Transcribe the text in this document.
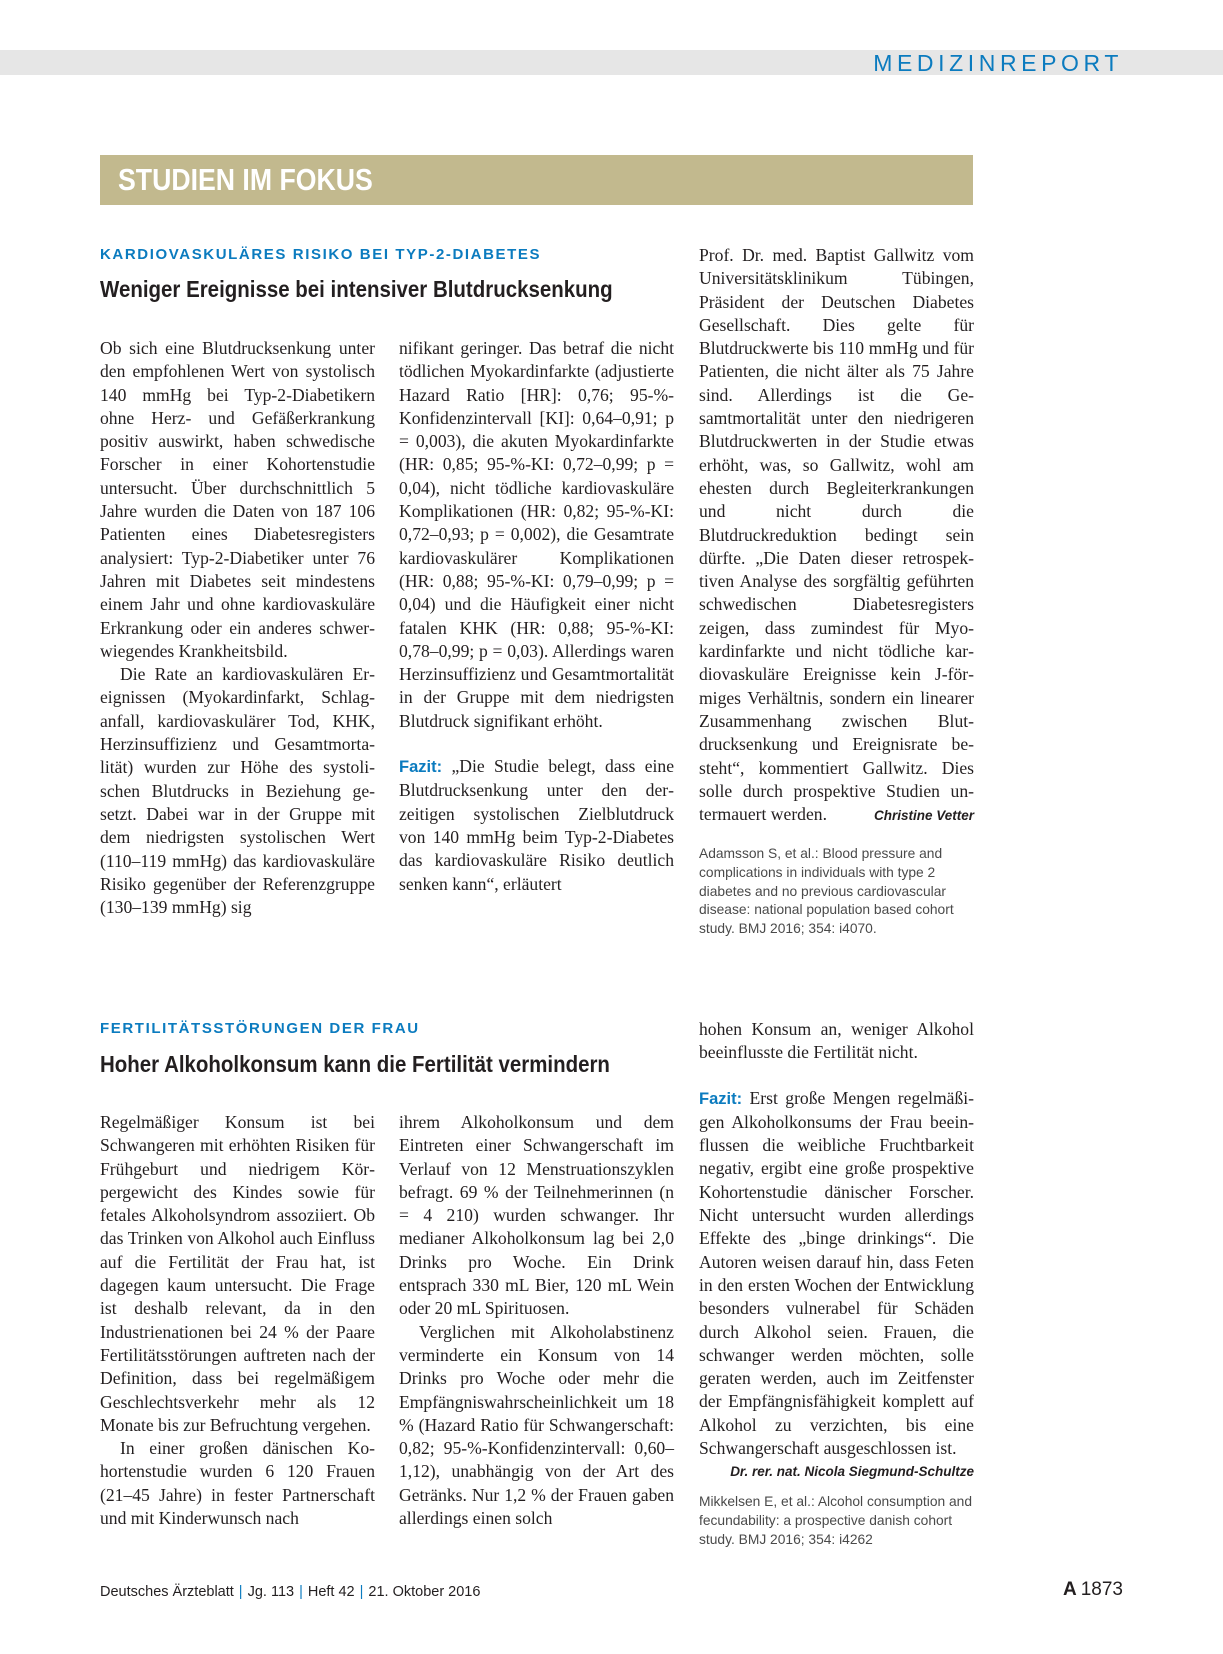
MEDIZINREPORT
STUDIEN IM FOKUS
KARDIOVASKULÄRES RISIKO BEI TYP-2-DIABETES
Weniger Ereignisse bei intensiver Blutdrucksenkung

Ob sich eine Blutdrucksenkung unter den empfohlenen Wert von systolisch 140 mmHg bei Typ-2-Diabetikern ohne Herz- und Gefäßerkrankung positiv auswirkt, haben schwedische Forscher in einer Kohortenstudie untersucht. Über durchschnittlich 5 Jahre wurden die Daten von 187 106 Patienten eines Diabetesregisters analysiert: Typ-2-Diabetiker unter 76 Jahren mit Diabetes seit mindestens einem Jahr und ohne kardiovaskuläre Erkrankung oder ein anderes schwerwiegendes Krankheitsbild.

Die Rate an kardiovaskulären Ereignissen (Myokardinfarkt, Schlaganfall, kardiovaskulärer Tod, KHK, Herzinsuffizienz und Gesamtmortalität) wurden zur Höhe des systolischen Blutdrucks in Beziehung gesetzt. Dabei war in der Gruppe mit dem niedrigsten systolischen Wert (110–119 mmHg) das kardiovaskuläre Risiko gegenüber der Referenzgruppe (130–139 mmHg) sig

nifikant geringer. Das betraf die nicht tödlichen Myokardinfarkte (adjustierte Hazard Ratio [HR]: 0,76; 95-%-Konfidenzintervall [KI]: 0,64–0,91; p = 0,003), die akuten Myokardinfarkte (HR: 0,85; 95-%-KI: 0,72–0,99; p = 0,04), nicht tödliche kardiovaskuläre Komplikationen (HR: 0,82; 95-%-KI: 0,72–0,93; p = 0,002), die Gesamtrate kardiovaskulärer Komplikationen (HR: 0,88; 95-%-KI: 0,79–0,99; p = 0,04) und die Häufigkeit einer nicht fatalen KHK (HR: 0,88; 95-%-KI: 0,78–0,99; p = 0,03). Allerdings waren Herzinsuffizienz und Gesamtmortalität in der Gruppe mit dem niedrigsten Blutdruck signifikant erhöht.

Fazit: „Die Studie belegt, dass eine Blutdrucksenkung unter den derzeitigen systolischen Zielblutdruck von 140 mmHg beim Typ-2-Diabetes das kardiovaskuläre Risiko deutlich senken kann“, erläutert

Prof. Dr. med. Baptist Gallwitz vom Universitätsklinikum Tübingen, Präsident der Deutschen Diabetes Gesellschaft. Dies gelte für Blutdruckwerte bis 110 mmHg und für Patienten, die nicht älter als 75 Jahre sind. Allerdings ist die Gesamtmortalität unter den niedrigeren Blutdruckwerten in der Studie etwas erhöht, was, so Gallwitz, wohl am ehesten durch Begleiterkrankungen und nicht durch die Blutdruckreduktion bedingt sein dürfte. „Die Daten dieser retrospektiven Analyse des sorgfältig geführten schwedischen Diabetesregisters zeigen, dass zumindest für Myokardinfarkte und nicht tödliche kardiovaskuläre Ereignisse kein J-förmiges Verhältnis, sondern ein linearer Zusammenhang zwischen Blutdrucksenkung und Ereignisrate besteht“, kommentiert Gallwitz. Dies solle durch prospektive Studien untermauert werden.	Christine Vetter

Adamsson S, et al.: Blood pressure and complications in individuals with type 2 diabetes and no previous cardiovascular disease: national population based cohort study. BMJ 2016; 354: i4070.
FERTILITÄTSSTÖRUNGEN DER FRAU
Hoher Alkoholkonsum kann die Fertilität vermindern

Regelmäßiger Konsum ist bei Schwangeren mit erhöhten Risiken für Frühgeburt und niedrigem Körpergewicht des Kindes sowie für fetales Alkoholsyndrom assoziiert. Ob das Trinken von Alkohol auch Einfluss auf die Fertilität der Frau hat, ist dagegen kaum untersucht. Die Frage ist deshalb relevant, da in den Industrienationen bei 24 % der Paare Fertilitätsstörungen auftreten nach der Definition, dass bei regelmäßigem Geschlechtsverkehr mehr als 12 Monate bis zur Befruchtung vergehen.

In einer großen dänischen Kohortenstudie wurden 6 120 Frauen (21–45 Jahre) in fester Partnerschaft und mit Kinderwunsch nach

ihrem Alkoholkonsum und dem Eintreten einer Schwangerschaft im Verlauf von 12 Menstruationszyklen befragt. 69 % der Teilnehmerinnen (n = 4 210) wurden schwanger. Ihr medianer Alkoholkonsum lag bei 2,0 Drinks pro Woche. Ein Drink entsprach 330 mL Bier, 120 mL Wein oder 20 mL Spirituosen.

Verglichen mit Alkoholabstinenz verminderte ein Konsum von 14 Drinks pro Woche oder mehr die Empfängniswahrscheinlichkeit um 18 % (Hazard Ratio für Schwangerschaft: 0,82; 95-%-Konfidenzintervall: 0,60–1,12), unabhängig von der Art des Getränks. Nur 1,2 % der Frauen gaben allerdings einen solch

hohen Konsum an, weniger Alkohol beeinflusste die Fertilität nicht.

Fazit: Erst große Mengen regelmäßigen Alkoholkonsums der Frau beeinflussen die weibliche Fruchtbarkeit negativ, ergibt eine große prospektive Kohortenstudie dänischer Forscher. Nicht untersucht wurden allerdings Effekte des „binge drinkings“. Die Autoren weisen darauf hin, dass Feten in den ersten Wochen der Entwicklung besonders vulnerabel für Schäden durch Alkohol seien. Frauen, die schwanger werden möchten, solle geraten werden, auch im Zeitfenster der Empfängnisfähigkeit komplett auf Alkohol zu verzichten, bis eine Schwangerschaft ausgeschlossen ist.

Dr. rer. nat. Nicola Siegmund-Schultze
Mikkelsen E, et al.: Alcohol consumption and fecundability: a prospective danish cohort study. BMJ 2016; 354: i4262
Deutsches Ärzteblatt | Jg. 113 | Heft 42 | 21. Oktober 2016	A 1873
